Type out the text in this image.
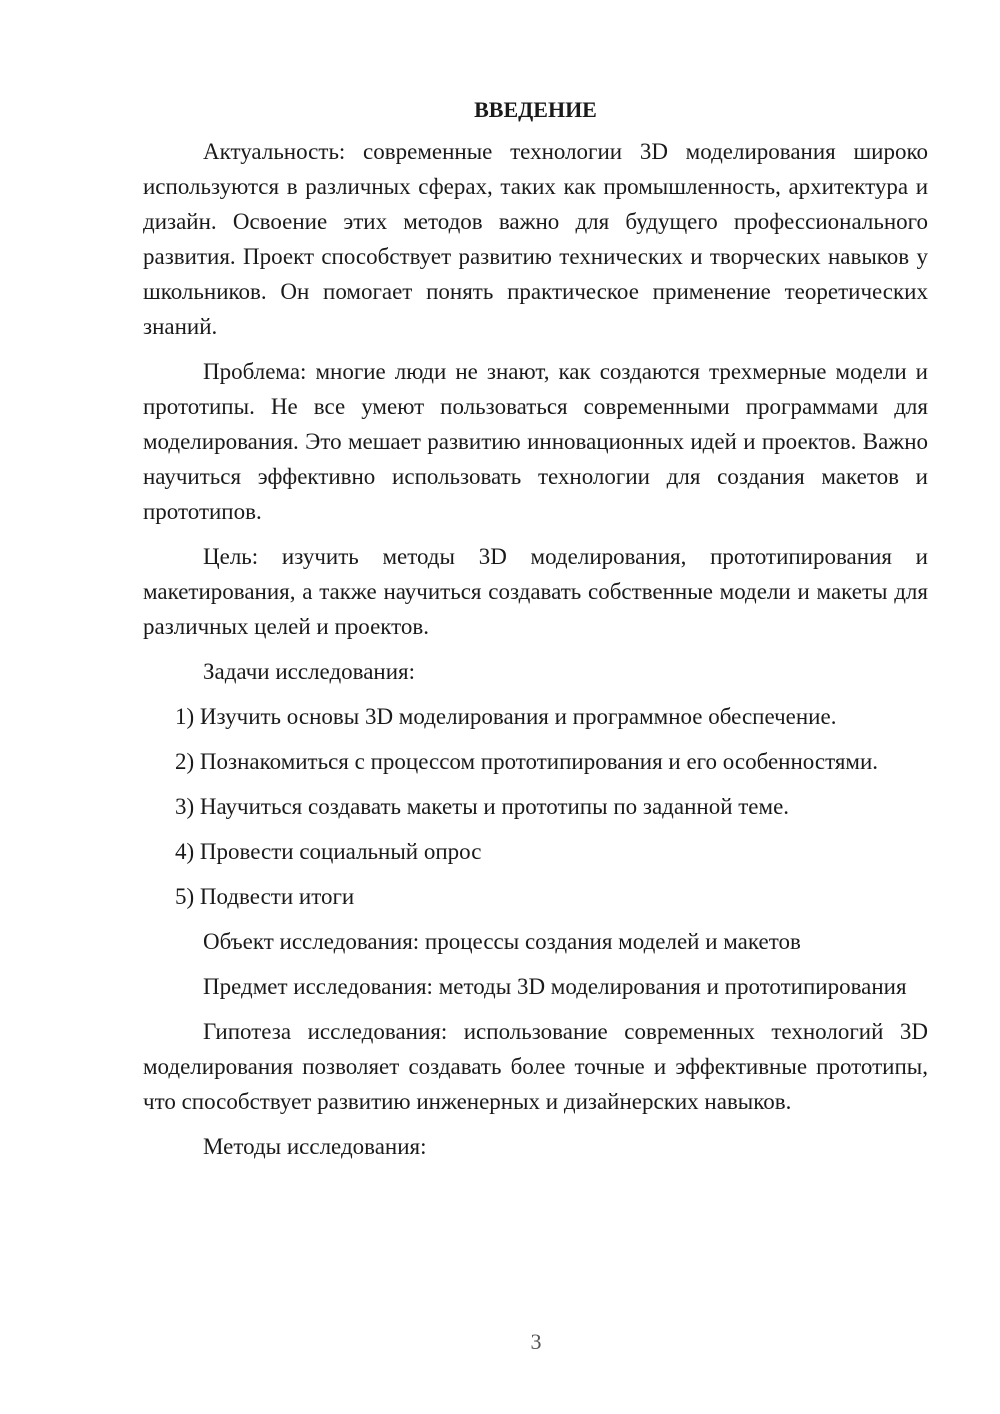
ВВЕДЕНИЕ
Актуальность: современные технологии 3D моделирования широко используются в различных сферах, таких как промышленность, архитектура и дизайн. Освоение этих методов важно для будущего профессионального развития. Проект способствует развитию технических и творческих навыков у школьников. Он помогает понять практическое применение теоретических знаний.
Проблема: многие люди не знают, как создаются трехмерные модели и прототипы. Не все умеют пользоваться современными программами для моделирования. Это мешает развитию инновационных идей и проектов. Важно научиться эффективно использовать технологии для создания макетов и прототипов.
Цель: изучить методы 3D моделирования, прототипирования и макетирования, а также научиться создавать собственные модели и макеты для различных целей и проектов.
Задачи исследования:
1) Изучить основы 3D моделирования и программное обеспечение.
2) Познакомиться с процессом прототипирования и его особенностями.
3) Научиться создавать макеты и прототипы по заданной теме.
4) Провести социальный опрос
5) Подвести итоги
Объект исследования: процессы создания моделей и макетов
Предмет исследования: методы 3D моделирования и прототипирования
Гипотеза исследования: использование современных технологий 3D моделирования позволяет создавать более точные и эффективные прототипы, что способствует развитию инженерных и дизайнерских навыков.
Методы исследования:
3
